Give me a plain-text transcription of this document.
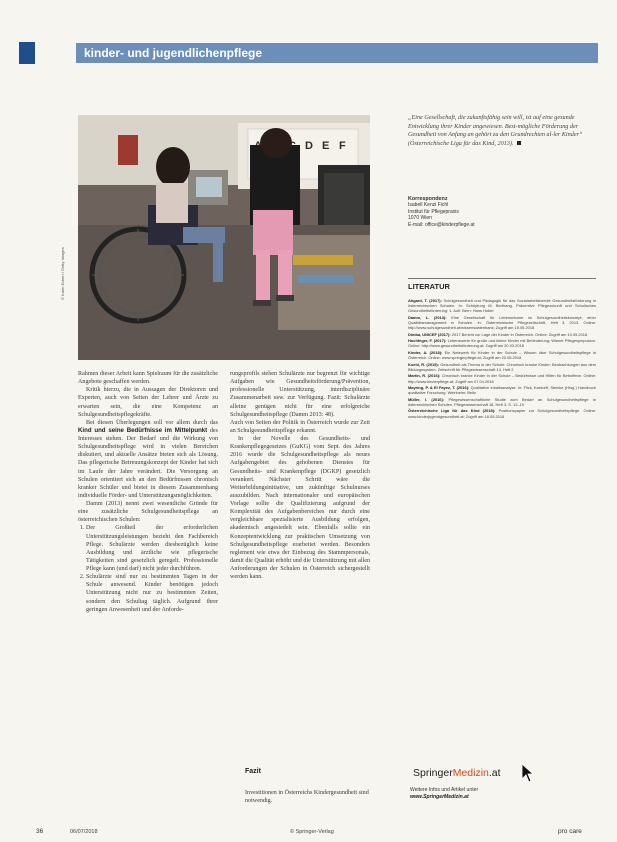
kinder- und jugendlichenpflege
D E F
© Karin Eckerl / Getty Images

„Eine Gesellschaft, die zukunftsfähig sein will, ist auf eine gesunde Entwicklung ihrer Kinder angewiesen. Best-mögliche Förderung der Gesundheit von Anfang an gehört zu den Grundrechten al-ler Kinder“ (Österreichische Liga für das Kind, 2013).

Korrespondenz
Isabell Kenzi Fichl
Institut für Pflegepraxis
1070 Wien
E-mail: office@kinderpflege.at
LITERATUR

Ahgard, T. (2017): Schulgesundheit und Pädagogik für das Sozialarbeitsberufe Gesundheitsförderung in österreichischen Schulen. In: Schöpfung M. Berthang, Präventive Pflegezukunft und Schulisches Gesundheitsförderung: 1. Aufl. Bern: Hans Huber

Damm, L. (2013): Eine Gesellschaft für Lebensräume im Schulgesundheitskonzept; einer Qualitätsmanagement in Schulen. In: Österreichische Pflegezeitschrift, Heft 3, 2013. Online: http://www.schulgesundheit.at/wissensdatenbank; Zugriff am 15.05.2018

Dimba, UNICEF (2017): 2017 Bericht zur Lage der Kinder in Österreich. Online: Zugriff am 10.05.2018

Hochfeger, F. (2017): Lebenswerte für große und kleine Kinder mit Behinderung; Wiener Pflegesymposion. Online: http://www.gesundheitsförderung.at; Zugriff am 20.03.2018

Kinder, A. (2018): Ein Netzwerk für Kinder in der Schule – Wissen über Schulgesundheitspflege in Österreich. Online: www.springerpflege.at; Zugriff am 20.05.2018

Koehl, R. (2015): Gesundheit als Thema in der Schule: Chronisch kranke Kinder; Beobachtungen aus dem Bildungssystem. Zeitschrift für Pflegewissenschaft 14, Heft 2

Martin, R. (2016): Chronisch kranke Kinder in der Schule – Bedürfnisse und Hilfen für Betroffene. Online: http://www.kinderpflege.at; Zugriff am 07.04.2018

Mayring, P. & El Fayez, T. (2016): Qualitative Inhaltsanalyse. In: Flick, Kardorff, Steinke (Hrsg.) Handbuch qualitative Forschung. Weinheim: Beltz

Müller, I. (2016): Pflegewissenschaftliche Studie zum Bedarf an Schulgesundheitspflege in österreichischen Schulen. Pflegewissenschaft 18, Heft 3, S. 12–19

Österreichische Liga für das Kind (2018): Positionspapier zur Schulgesundheitspflege. Online: www.kinderjugendgesundheit.at; Zugriff am 18.05.2018

Rahmen dieser Arbeit kann Spielraum für die zusätzliche Angebote geschaffen werden.

Kritik hierzu, die in Aussagen der Direktoren und Experten, auch von Seiten der Lehrer und Ärzte zu erwarten sein, die eine Kompetenz an Schulgesundheitspflegekräfte.

Bei diesen Überlegungen soll vor allem durch das Kind und seine Bedürfnisse im Mittelpunkt des Interesses stehen. Der Bedarf und die Wirkung von Schulgesundheitspflege wird in vielen Bereichen diskutiert, und aktuelle Ansätze bieten sich als Lösung. Das pflegerische Betreuungskonzept der Kinder hat sich im Laufe der Jahre verändert. Die Versorgung an Schulen orientiert sich an den Bedürfnissen chronisch kranker Schüler und bietet in diesem Zusammenhang individuelle Förder- und Unterstützungsmöglichkeiten.

Damm (2013) nennt zwei wesentliche Gründe für eine zusätzliche Schulgesundheitspflege an österreichischen Schulen:

1. Der Großteil der erforderlichen Unterstützungsleistungen bezieht den Fachbereich Pflege. Schulärzte werden diesbezüglich keine Ausbildung und ärztliche wie pflegerische Tätigkeiten sind gesetzlich geregelt. Professionelle Pflege kann (und darf) nicht jeder durchführen.
2. Schulärzte sind nur zu bestimmten Tagen in der Schule anwesend. Kinder benötigen jedoch Unterstützung nicht nur zu bestimmten Zeiten, sondern den Schultag täglich. Aufgrund ihrer geringen Anwesenheit und der Anforde-

rungsprofils stehen Schulärzte nur begrenzt für wichtige Aufgaben wie Gesundheitsförderung/Prävention, professionelle Unterstützung, interdisziplinäre Zusammenarbeit usw. zur Verfügung. Fazit: Schulärzte alleine genügen nicht für eine erfolgreiche Schulgesundheitspflege (Damm 2013: 48).

Auch von Seiten der Politik in Österreich wurde zur Zeit an Schulgesundheitspflege erkannt.

In der Novelle des Gesundheits- und Krankenpflegegesetzes (GuKG) vom Sept. des Jahres 2016 wurde die Schulgesundheitspflege als neues Aufgabengebiet des gehobenen Dienstes für Gesundheits- und Krankenpflege (DGKP) gesetzlich verankert. Nächster Schritt wäre die Weiterbildungsinitiative, um zukünftige Schulnurses auszubilden. Nach internationaler und europäischen Vorlage sollte die Qualifizierung aufgrund der Komplexität des Aufgabenbereiches nur durch eine vergleichbare spezialisierte Ausbildung erfolgen, akademisch angesiedelt sein. Ebenfalls sollte ein Konzeptentwicklung zur praktischen Umsetzung von Schulgesundheitspflege erarbeitet werden. Besonders reglement wie etwa der Einbezug des Stammpersonals, damit die Qualität erhöht und die Unterstützung mit allen Anforderungen der Schulen in Österreich sichergestellt werden kann.

Fazit

Investitionen in Österreichs Kindergesundheit sind notwendig.

SpringerMedizin.at
Weitere Infos und Artikel unter
www.SpringerMedizin.at
36	06/07/2018	© Springer-Verlag	pro care
